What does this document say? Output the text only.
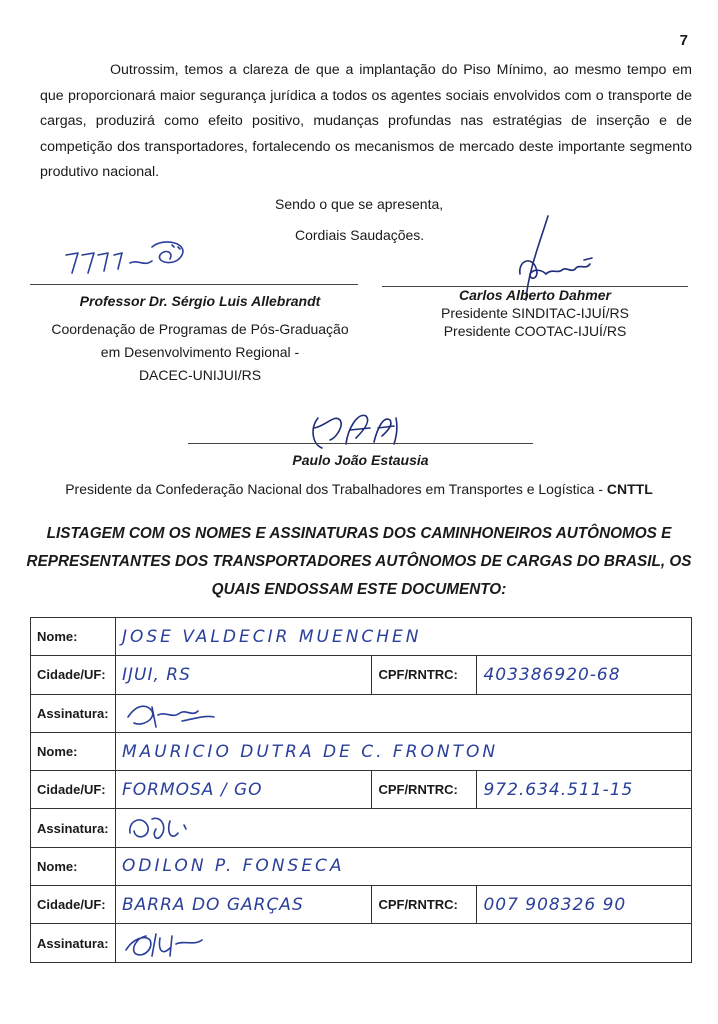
7

Outrossim, temos a clareza de que a implantação do Piso Mínimo, ao mesmo tempo em que proporcionará maior segurança jurídica a todos os agentes sociais envolvidos com o transporte de cargas, produzirá como efeito positivo, mudanças profundas nas estratégias de inserção e de competição dos transportadores, fortalecendo os mecanismos de mercado deste importante segmento produtivo nacional.

Sendo o que se apresenta,
Cordiais Saudações.
Professor Dr. Sérgio Luis Allebrandt
Coordenação de Programas de Pós-Graduação
em Desenvolvimento Regional -
DACEC-UNIJUI/RS
Carlos Alberto Dahmer
Presidente SINDITAC-IJUÍ/RS
Presidente COOTAC-IJUÍ/RS
Paulo João Estausia
Presidente da Confederação Nacional dos Trabalhadores em Transportes e Logística - CNTTL

LISTAGEM COM OS NOMES E ASSINATURAS DOS CAMINHONEIROS AUTÔNOMOS E REPRESENTANTES DOS TRANSPORTADORES AUTÔNOMOS DE CARGAS DO BRASIL, OS QUAIS ENDOSSAM ESTE DOCUMENTO:

Nome:	JOSE VALDECIR MUENCHEN		
Cidade/UF:	IJUI, RS	CPF/RNTRC:	403386920-68
Assinatura:	

Nome:	MAURICIO DUTRA DE C. FRONTON		
Cidade/UF:	FORMOSA / GO	CPF/RNTRC:	972.634.511-15
Assinatura:	

Nome:	ODILON P. FONSECA		
Cidade/UF:	BARRA DO GARÇAS	CPF/RNTRC:	007 908326 90
Assinatura:	
